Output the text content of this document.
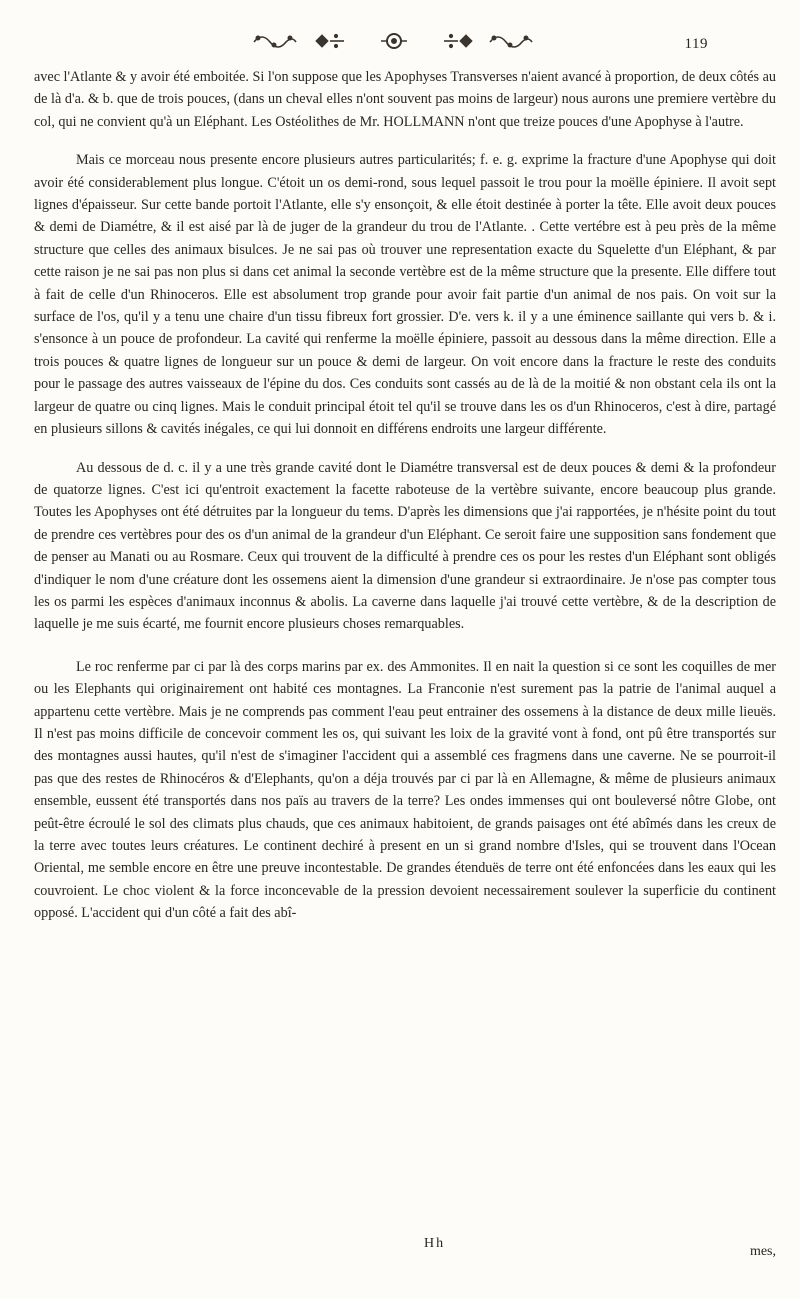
119

avec l'Atlante & y avoir été emboitée. Si l'on suppose que les Apophyses Transverses n'aient avancé à proportion, de deux côtés au de là d'a. & b. que de trois pouces, (dans un cheval elles n'ont souvent pas moins de largeur) nous aurons une premiere vertèbre du col, qui ne convient qu'à un Eléphant. Les Ostéolithes de Mr. HOLLMANN n'ont que treize pouces d'une Apophyse à l'autre.

Mais ce morceau nous presente encore plusieurs autres particularités; f. e. g. exprime la fracture d'une Apophyse qui doit avoir été considerablement plus longue. C'étoit un os demi-rond, sous lequel passoit le trou pour la moëlle épiniere. Il avoit sept lignes d'épaisseur. Sur cette bande portoit l'Atlante, elle s'y ensonçoit, & elle étoit destinée à porter la tête. Elle avoit deux pouces & demi de Diamétre, & il est aisé par là de juger de la grandeur du trou de l'Atlante. . Cette vertébre est à peu près de la même structure que celles des animaux bisulces. Je ne sai pas où trouver une representation exacte du Squelette d'un Eléphant, & par cette raison je ne sai pas non plus si dans cet animal la seconde vertèbre est de la même structure que la presente. Elle differe tout à fait de celle d'un Rhinoceros. Elle est absolument trop grande pour avoir fait partie d'un animal de nos pais. On voit sur la surface de l'os, qu'il y a tenu une chaire d'un tissu fibreux fort grossier. D'e. vers k. il y a une éminence saillante qui vers b. & i. s'ensonce à un pouce de profondeur. La cavité qui renferme la moëlle épiniere, passoit au dessous dans la même direction. Elle a trois pouces & quatre lignes de longueur sur un pouce & demi de largeur. On voit encore dans la fracture le reste des conduits pour le passage des autres vaisseaux de l'épine du dos. Ces conduits sont cassés au de là de la moitié & non obstant cela ils ont la largeur de quatre ou cinq lignes. Mais le conduit principal étoit tel qu'il se trouve dans les os d'un Rhinoceros, c'est à dire, partagé en plusieurs sillons & cavités inégales, ce qui lui donnoit en différens endroits une largeur différente.

Au dessous de d. c. il y a une très grande cavité dont le Diamétre transversal est de deux pouces & demi & la profondeur de quatorze lignes. C'est ici qu'entroit exactement la facette raboteuse de la vertèbre suivante, encore beaucoup plus grande. Toutes les Apophyses ont été détruites par la longueur du tems. D'après les dimensions que j'ai rapportées, je n'hésite point du tout de prendre ces vertèbres pour des os d'un animal de la grandeur d'un Eléphant. Ce seroit faire une supposition sans fondement que de penser au Manati ou au Rosmare. Ceux qui trouvent de la difficulté à prendre ces os pour les restes d'un Eléphant sont obligés d'indiquer le nom d'une créature dont les ossemens aient la dimension d'une grandeur si extraordinaire. Je n'ose pas compter tous les os parmi les espèces d'animaux inconnus & abolis. La caverne dans laquelle j'ai trouvé cette vertèbre, & de la description de laquelle je me suis écarté, me fournit encore plusieurs choses remarquables.

Le roc renferme par ci par là des corps marins par ex. des Ammonites. Il en nait la question si ce sont les coquilles de mer ou les Elephants qui originairement ont habité ces montagnes. La Franconie n'est surement pas la patrie de l'animal auquel a appartenu cette vertèbre. Mais je ne comprends pas comment l'eau peut entrainer des ossemens à la distance de deux mille lieuës. Il n'est pas moins difficile de concevoir comment les os, qui suivant les loix de la gravité vont à fond, ont pû être transportés sur des montagnes aussi hautes, qu'il n'est de s'imaginer l'accident qui a assemblé ces fragmens dans une caverne. Ne se pourroit-il pas que des restes de Rhinocéros & d'Elephants, qu'on a déja trouvés par ci par là en Allemagne, & même de plusieurs animaux ensemble, eussent été transportés dans nos païs au travers de la terre? Les ondes immenses qui ont bouleversé nôtre Globe, ont peût-être écroulé le sol des climats plus chauds, que ces animaux habitoient, de grands paisages ont été abîmés dans les creux de la terre avec toutes leurs créatures. Le continent dechiré à present en un si grand nombre d'Isles, qui se trouvent dans l'Ocean Oriental, me semble encore en être une preuve incontestable. De grandes étenduës de terre ont été enfoncées dans les eaux qui les couvroient. Le choc violent & la force inconcevable de la pression devoient necessairement soulever la superficie du continent opposé. L'accident qui d'un côté a fait des abî-

Hh
mes,
